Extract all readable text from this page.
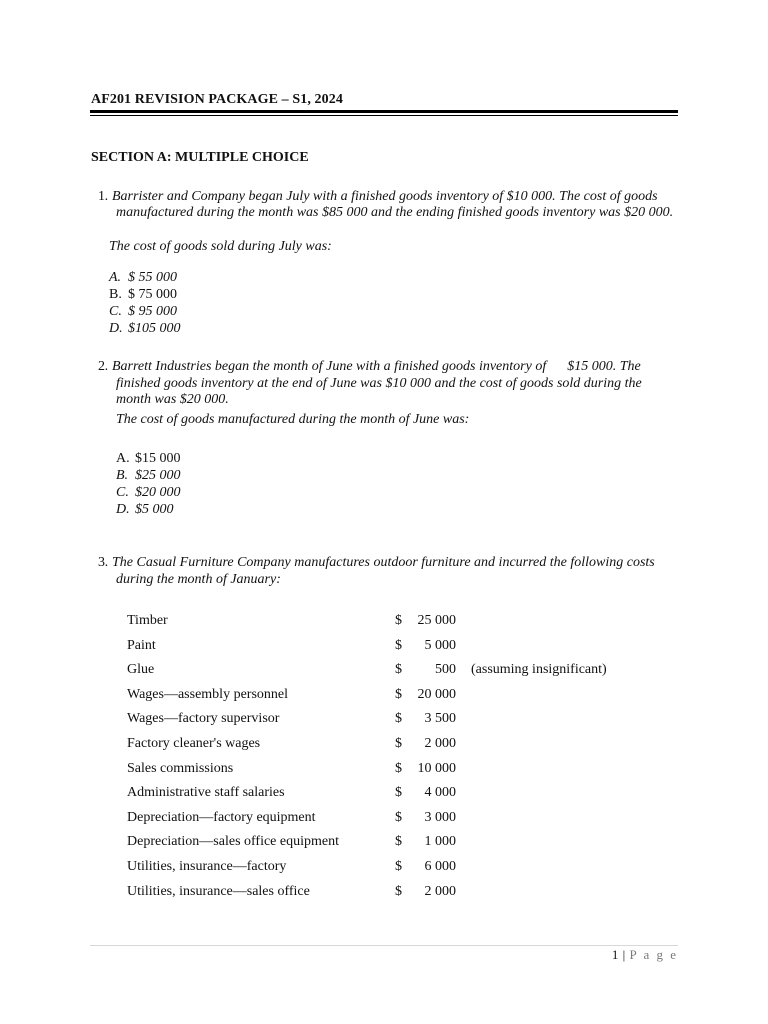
AF201 REVISION PACKAGE – S1, 2024
SECTION A: MULTIPLE CHOICE
1. Barrister and Company began July with a finished goods inventory of $10 000. The cost of goods
manufactured during the month was $85 000 and the ending finished goods inventory was $20 000.
The cost of goods sold during July was:
A. $ 55 000
B. $ 75 000
C. $ 95 000
D. $105 000
2. Barrett Industries began the month of June with a finished goods inventory of      $15 000. The
finished goods inventory at the end of June was $10 000 and the cost of goods sold during the
month was $20 000.
The cost of goods manufactured during the month of June was:
A. $15 000
B. $25 000
C. $20 000
D. $5 000
3. The Casual Furniture Company manufactures outdoor furniture and incurred the following costs
during the month of January:
Timber	$	25 000
Paint	$	5 000
Glue	$	500 (assuming insignificant)
Wages—assembly personnel	$	20 000
Wages—factory supervisor	$	3 500
Factory cleaner's wages	$	2 000
Sales commissions	$	10 000
Administrative staff salaries	$	4 000
Depreciation—factory equipment	$	3 000
Depreciation—sales office equipment	$	1 000
Utilities, insurance—factory	$	6 000
Utilities, insurance—sales office	$	2 000
1 | P a g e
